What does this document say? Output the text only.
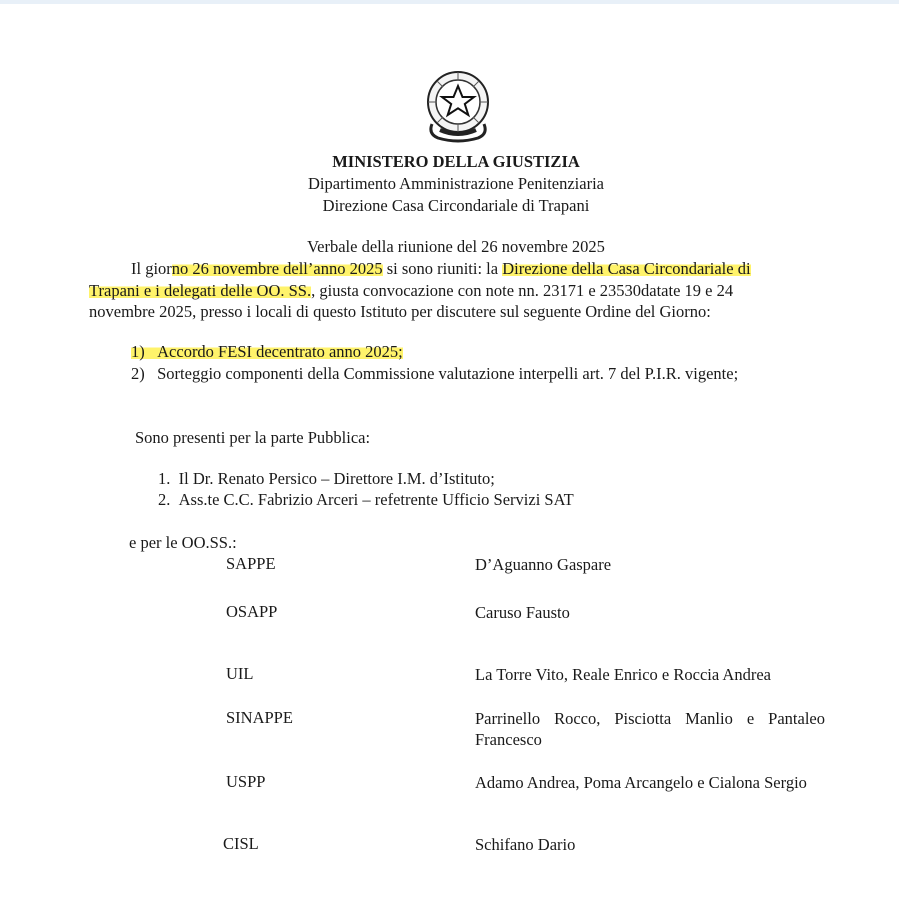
MINISTERO DELLA GIUSTIZIA
Dipartimento Amministrazione Penitenziaria
Direzione Casa Circondariale di Trapani
Verbale della riunione del 26 novembre 2025
Il giorno 26 novembre dell’anno 2025 si sono riuniti: la Direzione della Casa Circondariale di
Trapani e i delegati delle OO. SS., giusta convocazione con note nn. 23171 e 23530datate 19 e 24
novembre 2025, presso i locali di questo Istituto per discutere sul seguente Ordine del Giorno:
1) Accordo FESI decentrato anno 2025;
2) Sorteggio componenti della Commissione valutazione interpelli art. 7 del P.I.R. vigente;
Sono presenti per la parte Pubblica:
1. Il Dr. Renato Persico – Direttore I.M. d’Istituto;
2. Ass.te C.C. Fabrizio Arceri – refetrente Ufficio Servizi SAT
e per le OO.SS.:
SAPPE	D’Aguanno Gaspare
OSAPP	Caruso Fausto
UIL	La Torre Vito, Reale Enrico e Roccia Andrea
SINAPPE	Parrinello Rocco, Pisciotta Manlio e Pantaleo Francesco
USPP	Adamo Andrea, Poma Arcangelo e Cialona Sergio
CISL	Schifano Dario
